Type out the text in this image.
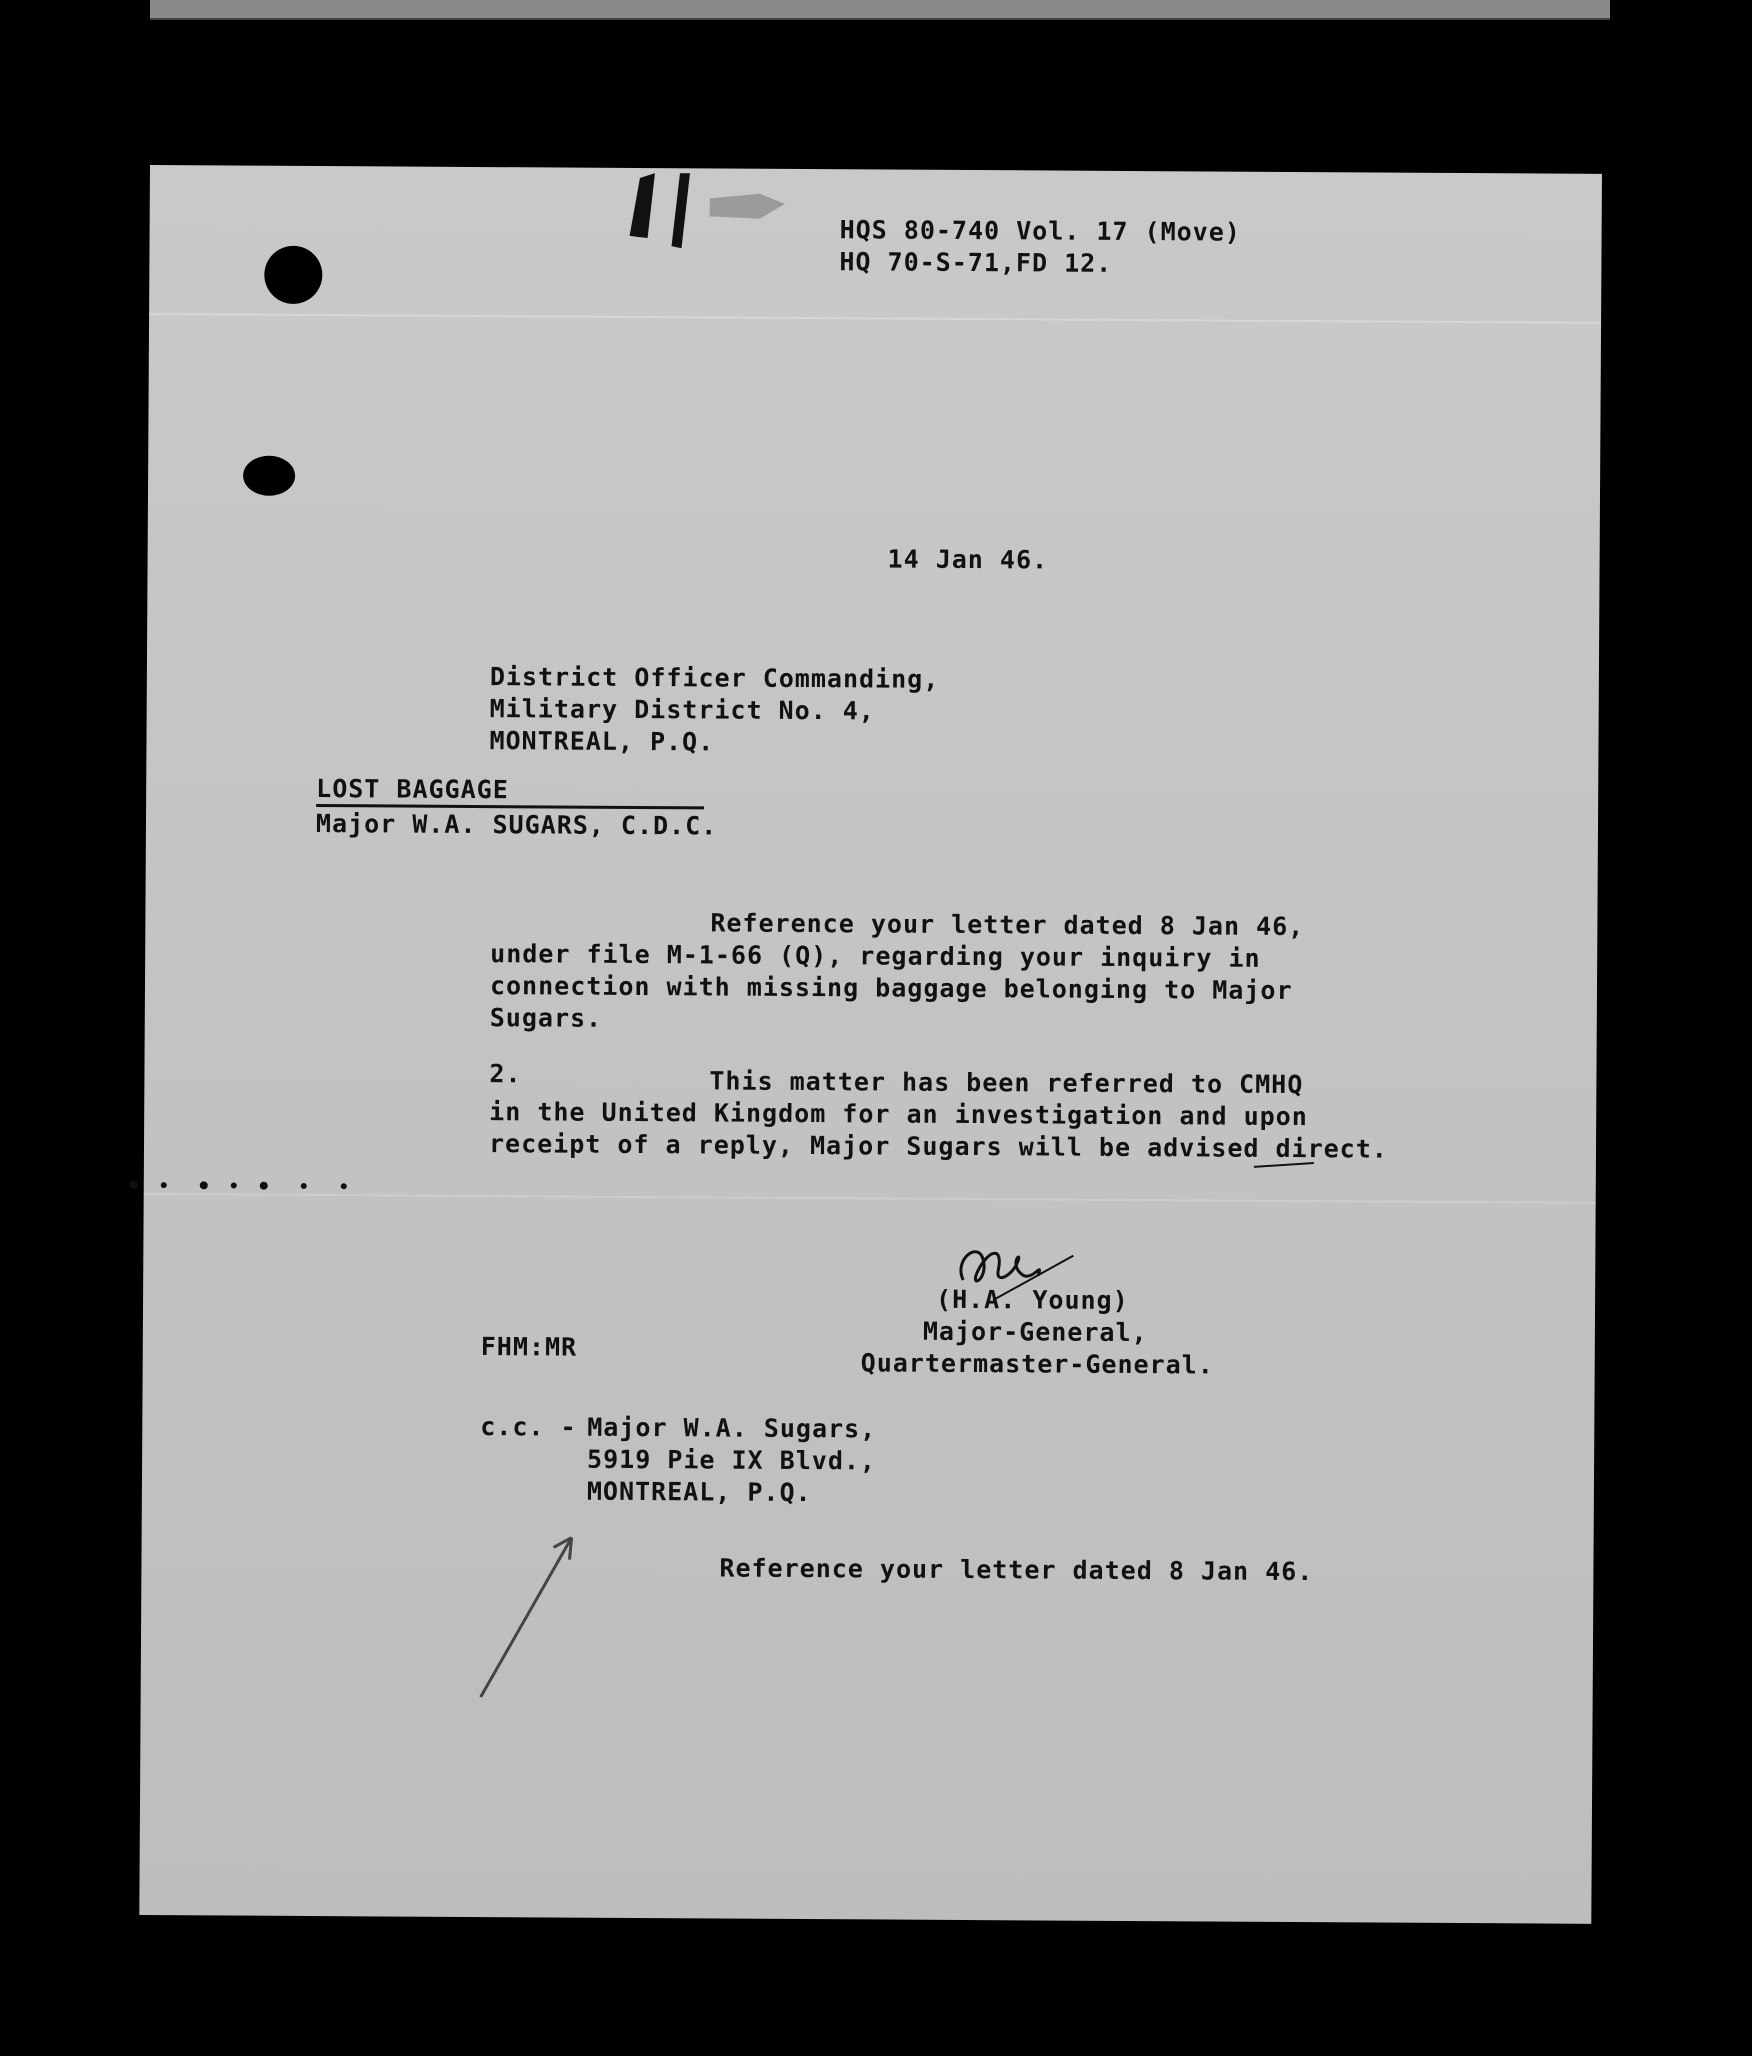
HQS 80-740 Vol. 17 (Move)
HQ 70-S-71,FD 12.
14 Jan 46.
District Officer Commanding,
Military District No. 4,
MONTREAL, P.Q.
LOST BAGGAGE
Major W.A. SUGARS, C.D.C.
Reference your letter dated 8 Jan 46,
under file M-1-66 (Q), regarding your inquiry in
connection with missing baggage belonging to Major
Sugars.
2.	This matter has been referred to CMHQ
in the United Kingdom for an investigation and upon
receipt of a reply, Major Sugars will be advised direct.
(H.A. Young)
Major-General,
Quartermaster-General.
FHM:MR
c.c. - Major W.A. Sugars,
5919 Pie IX Blvd.,
MONTREAL, P.Q.
Reference your letter dated 8 Jan 46.
